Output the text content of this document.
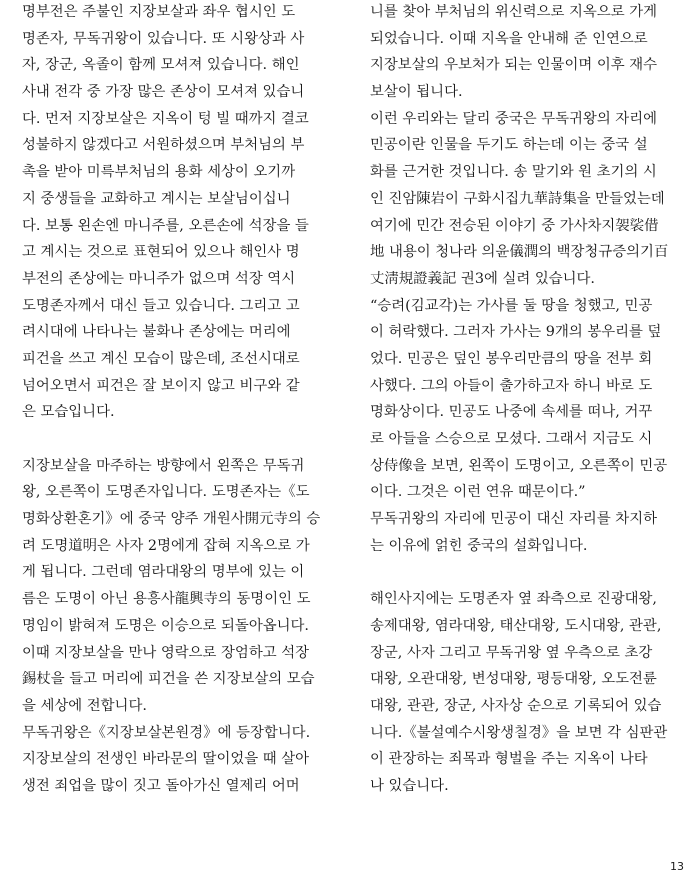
명부전은 주불인 지장보살과 좌우 협시인 도
명존자, 무독귀왕이 있습니다. 또 시왕상과 사
자, 장군, 옥졸이 함께 모셔져 있습니다. 해인
사내 전각 중 가장 많은 존상이 모셔져 있습니
다. 먼저 지장보살은 지옥이 텅 빌 때까지 결코
성불하지 않겠다고 서원하셨으며 부처님의 부
촉을 받아 미륵부처님의 용화 세상이 오기까
지 중생들을 교화하고 계시는 보살님이십니
다. 보통 왼손엔 마니주를, 오른손에 석장을 들
고 계시는 것으로 표현되어 있으나 해인사 명
부전의 존상에는 마니주가 없으며 석장 역시
도명존자께서 대신 들고 있습니다. 그리고 고
려시대에 나타나는 불화나 존상에는 머리에
피건을 쓰고 계신 모습이 많은데, 조선시대로
넘어오면서 피건은 잘 보이지 않고 비구와 같
은 모습입니다.
지장보살을 마주하는 방향에서 왼쪽은 무독귀
왕, 오른쪽이 도명존자입니다. 도명존자는《도
명화상환혼기》에 중국 양주 개원사開元寺의 승
려 도명道明은 사자 2명에게 잡혀 지옥으로 가
게 됩니다. 그런데 염라대왕의 명부에 있는 이
름은 도명이 아닌 용흥사龍興寺의 동명이인 도
명임이 밝혀져 도명은 이승으로 되돌아옵니다.
이때 지장보살을 만나 영락으로 장엄하고 석장
錫杖을 들고 머리에 피건을 쓴 지장보살의 모습
을 세상에 전합니다.
무독귀왕은《지장보살본원경》에 등장합니다.
지장보살의 전생인 바라문의 딸이었을 때 살아
생전 죄업을 많이 짓고 돌아가신 열제리 어머
니를 찾아 부처님의 위신력으로 지옥으로 가게
되었습니다. 이때 지옥을 안내해 준 인연으로
지장보살의 우보처가 되는 인물이며 이후 재수
보살이 됩니다.
이런 우리와는 달리 중국은 무독귀왕의 자리에
민공이란 인물을 두기도 하는데 이는 중국 설
화를 근거한 것입니다. 송 말기와 원 초기의 시
인 진암陳岩이 구화시집九華詩集을 만들었는데
여기에 민간 전승된 이야기 중 가사차지袈裟借
地 내용이 청나라 의윤儀潤의 백장청규증의기百
丈淸規證義記 권3에 실려 있습니다.
“승려(김교각)는 가사를 둘 땅을 청했고, 민공
이 허락했다. 그러자 가사는 9개의 봉우리를 덮
었다. 민공은 덮인 봉우리만큼의 땅을 전부 회
사했다. 그의 아들이 출가하고자 하니 바로 도
명화상이다. 민공도 나중에 속세를 떠나, 거꾸
로 아들을 스승으로 모셨다. 그래서 지금도 시
상侍像을 보면, 왼쪽이 도명이고, 오른쪽이 민공
이다. 그것은 이런 연유 때문이다.”
무독귀왕의 자리에 민공이 대신 자리를 차지하
는 이유에 얽힌 중국의 설화입니다.
해인사지에는 도명존자 옆 좌측으로 진광대왕,
송제대왕, 염라대왕, 태산대왕, 도시대왕, 관관,
장군, 사자 그리고 무독귀왕 옆 우측으로 초강
대왕, 오관대왕, 변성대왕, 평등대왕, 오도전륜
대왕, 관관, 장군, 사자상 순으로 기록되어 있습
니다.《불설예수시왕생칠경》을 보면 각 심판관
이 관장하는 죄목과 형벌을 주는 지옥이 나타
나 있습니다.
13
